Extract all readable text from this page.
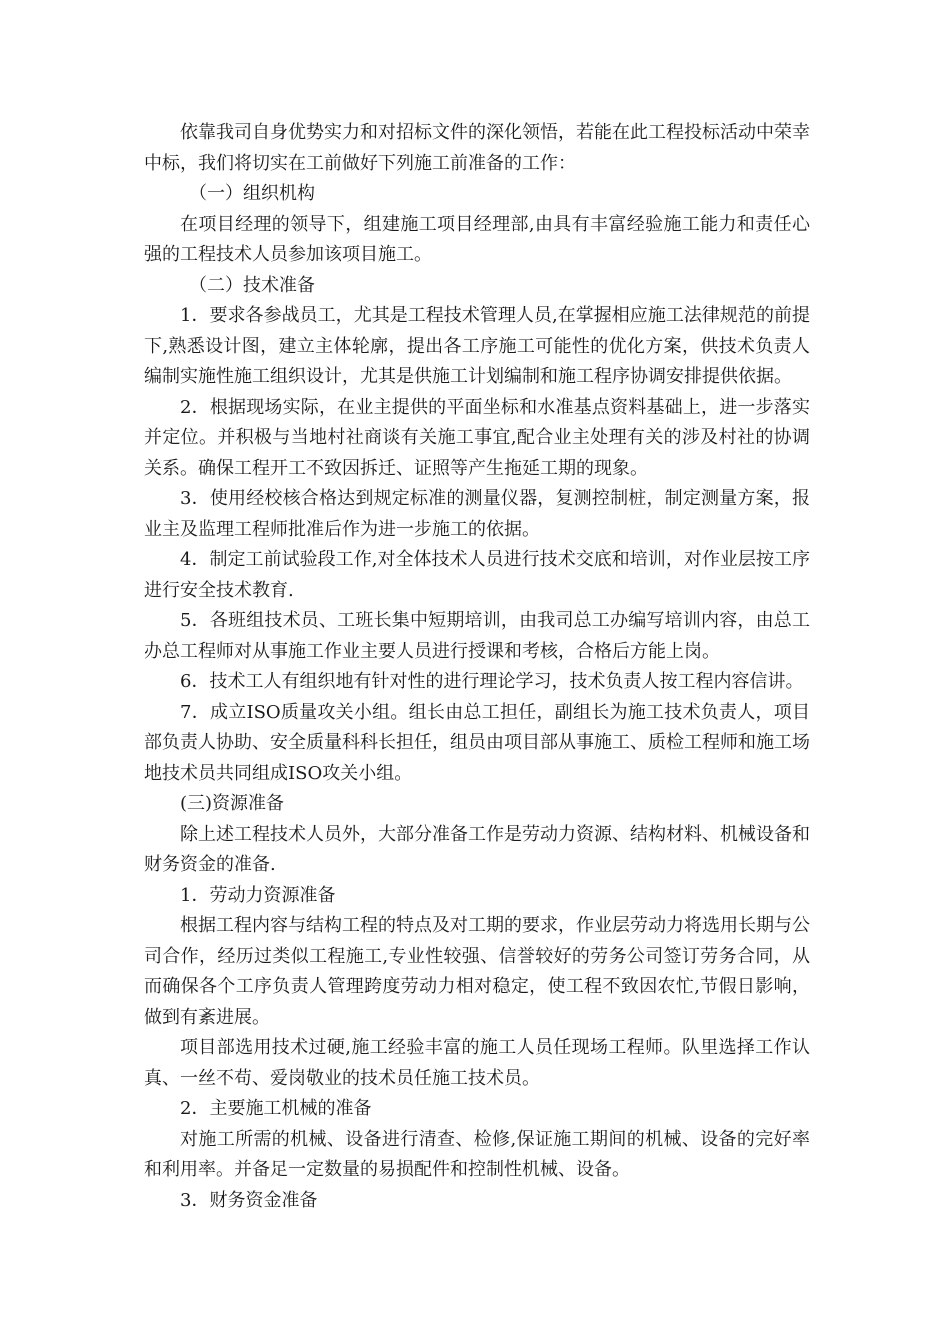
依靠我司自身优势实力和对招标文件的深化领悟，若能在此工程投标活动中荣幸中标，我们将切实在工前做好下列施工前准备的工作：

（一）组织机构

在项目经理的领导下，组建施工项目经理部,由具有丰富经验施工能力和责任心强的工程技术人员参加该项目施工。

（二）技术准备

1．要求各参战员工，尤其是工程技术管理人员,在掌握相应施工法律规范的前提下,熟悉设计图，建立主体轮廓，提出各工序施工可能性的优化方案，供技术负责人编制实施性施工组织设计，尤其是供施工计划编制和施工程序协调安排提供依据。

2．根据现场实际，在业主提供的平面坐标和水准基点资料基础上，进一步落实并定位。并积极与当地村社商谈有关施工事宜,配合业主处理有关的涉及村社的协调关系。确保工程开工不致因拆迁、证照等产生拖延工期的现象。

3．使用经校核合格达到规定标准的测量仪器，复测控制桩，制定测量方案，报业主及监理工程师批准后作为进一步施工的依据。

4．制定工前试验段工作,对全体技术人员进行技术交底和培训，对作业层按工序进行安全技术教育.

5．各班组技术员、工班长集中短期培训，由我司总工办编写培训内容，由总工办总工程师对从事施工作业主要人员进行授课和考核，合格后方能上岗。

6．技术工人有组织地有针对性的进行理论学习，技术负责人按工程内容信讲。

7．成立ISO质量攻关小组。组长由总工担任，副组长为施工技术负责人，项目部负责人协助、安全质量科科长担任，组员由项目部从事施工、质检工程师和施工场地技术员共同组成ISO攻关小组。

(三)资源准备

除上述工程技术人员外，大部分准备工作是劳动力资源、结构材料、机械设备和财务资金的准备.

1．劳动力资源准备

根据工程内容与结构工程的特点及对工期的要求，作业层劳动力将选用长期与公司合作，经历过类似工程施工,专业性较强、信誉较好的劳务公司签订劳务合同，从而确保各个工序负责人管理跨度劳动力相对稳定，使工程不致因农忙,节假日影响，做到有紊进展。

项目部选用技术过硬,施工经验丰富的施工人员任现场工程师。队里选择工作认真、一丝不苟、爱岗敬业的技术员任施工技术员。

2．主要施工机械的准备

对施工所需的机械、设备进行清查、检修,保证施工期间的机械、设备的完好率和利用率。并备足一定数量的易损配件和控制性机械、设备。

3．财务资金准备
